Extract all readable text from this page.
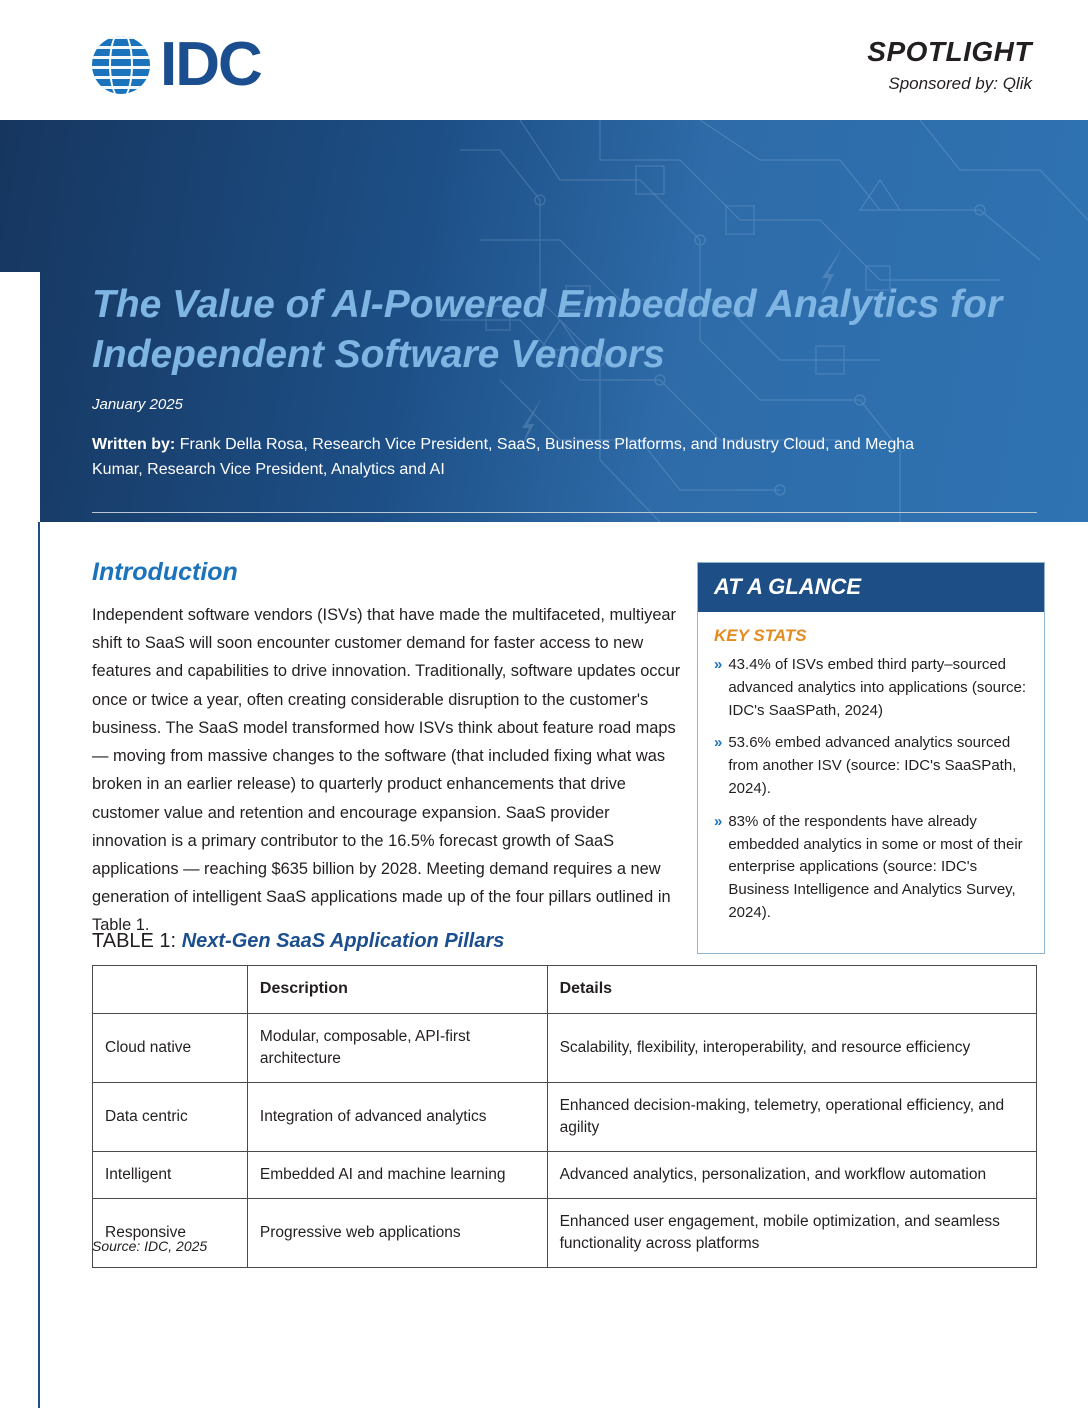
IDC	SPOTLIGHT
Sponsored by: Qlik
The Value of AI-Powered Embedded Analytics for Independent Software Vendors
January 2025
Written by: Frank Della Rosa, Research Vice President, SaaS, Business Platforms, and Industry Cloud, and Megha Kumar, Research Vice President, Analytics and AI
Introduction

Independent software vendors (ISVs) that have made the multifaceted, multiyear shift to SaaS will soon encounter customer demand for faster access to new features and capabilities to drive innovation. Traditionally, software updates occur once or twice a year, often creating considerable disruption to the customer's business. The SaaS model transformed how ISVs think about feature road maps — moving from massive changes to the software (that included fixing what was broken in an earlier release) to quarterly product enhancements that drive customer value and retention and encourage expansion. SaaS provider innovation is a primary contributor to the 16.5% forecast growth of SaaS applications — reaching $635 billion by 2028. Meeting demand requires a new generation of intelligent SaaS applications made up of the four pillars outlined in Table 1.

AT A GLANCE
KEY STATS
» 43.4% of ISVs embed third party–sourced advanced analytics into applications (source: IDC's SaaSPath, 2024)
» 53.6% embed advanced analytics sourced from another ISV (source: IDC's SaaSPath, 2024).
» 83% of the respondents have already embedded analytics in some or most of their enterprise applications (source: IDC's Business Intelligence and Analytics Survey, 2024).
TABLE 1: Next-Gen SaaS Application Pillars
	Description	Details
Cloud native	Modular, composable, API-first architecture	Scalability, flexibility, interoperability, and resource efficiency
Data centric	Integration of advanced analytics	Enhanced decision-making, telemetry, operational efficiency, and agility
Intelligent	Embedded AI and machine learning	Advanced analytics, personalization, and workflow automation
Responsive	Progressive web applications	Enhanced user engagement, mobile optimization, and seamless functionality across platforms
Source: IDC, 2025
